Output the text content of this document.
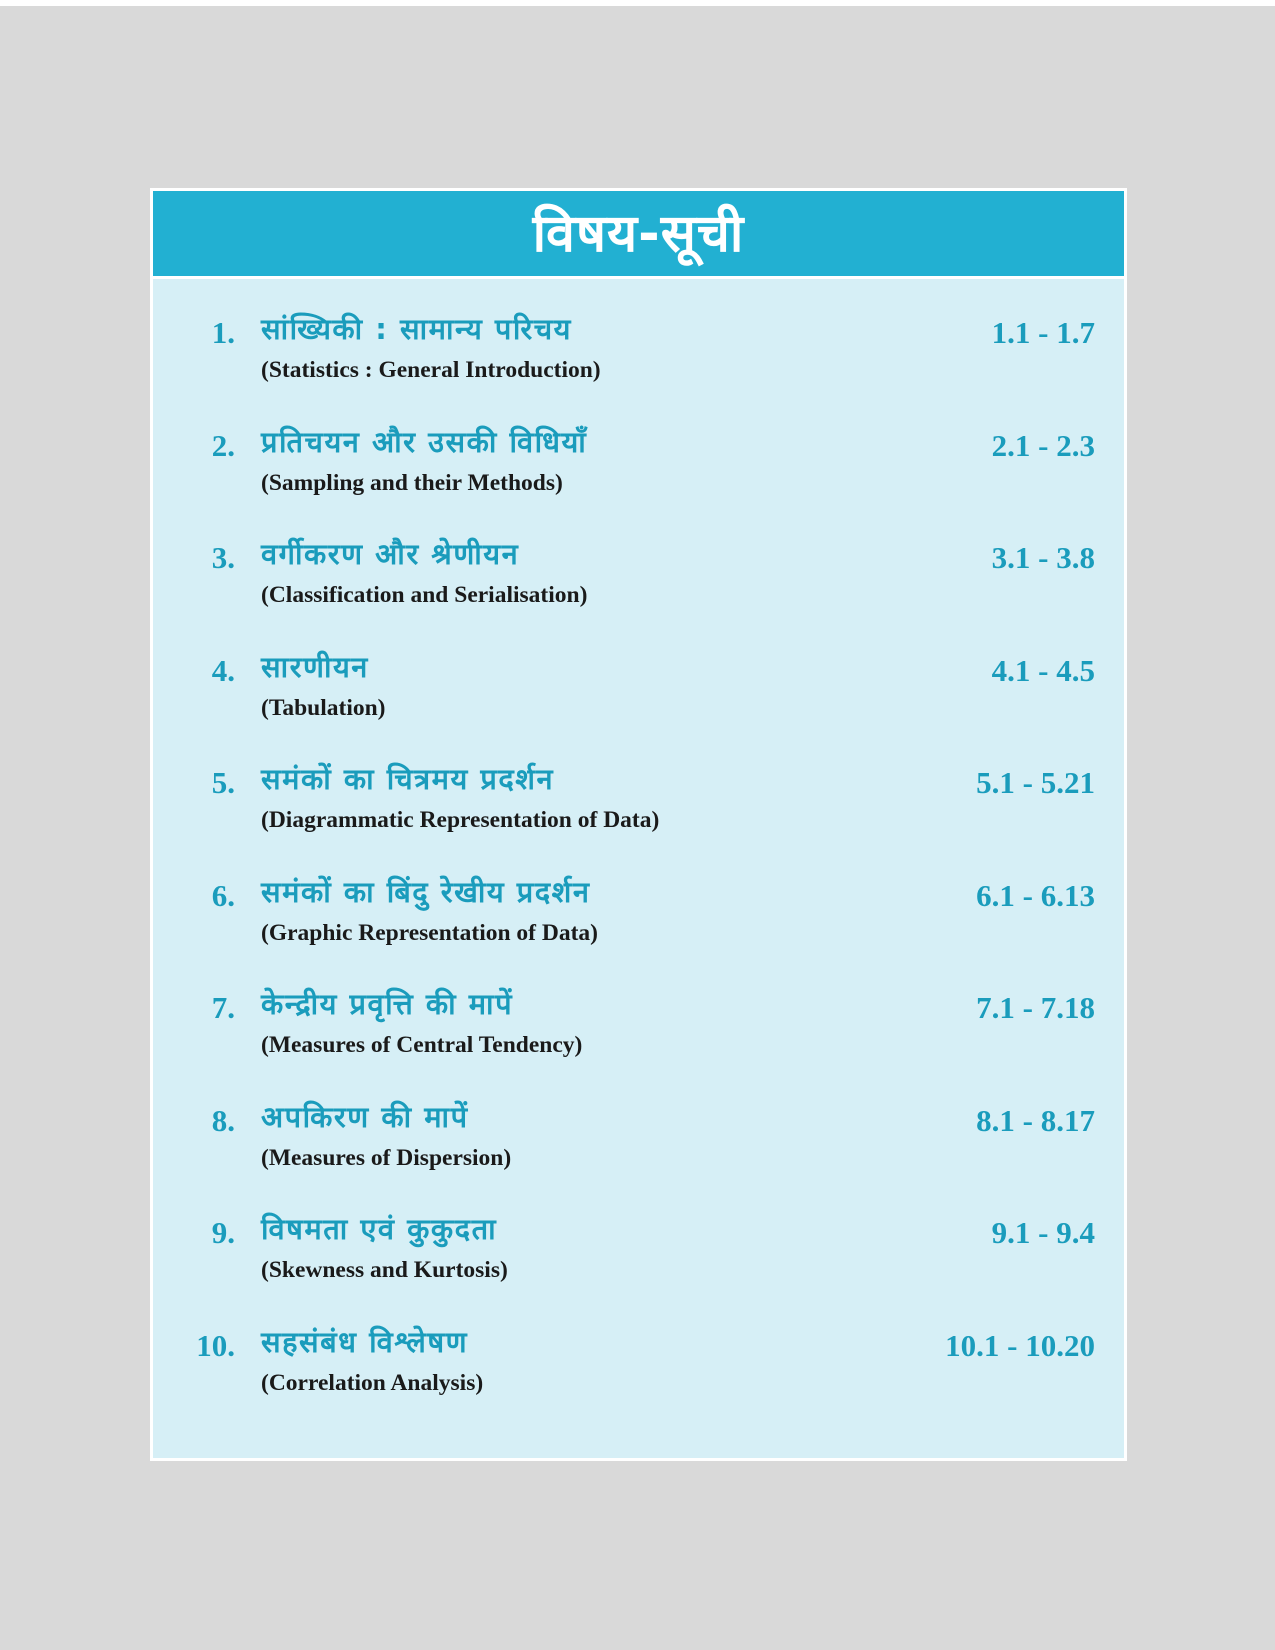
विषय-सूची
1. सांख्यिकी : सामान्य परिचय
(Statistics : General Introduction)
1.1 - 1.7
2. प्रतिचयन और उसकी विधियाँ
(Sampling and their Methods)
2.1 - 2.3
3. वर्गीकरण और श्रेणीयन
(Classification and Serialisation)
3.1 - 3.8
4. सारणीयन
(Tabulation)
4.1 - 4.5
5. समंकों का चित्रमय प्रदर्शन
(Diagrammatic Representation of Data)
5.1 - 5.21
6. समंकों का बिंदु रेखीय प्रदर्शन
(Graphic Representation of Data)
6.1 - 6.13
7. केन्द्रीय प्रवृत्ति की मापें
(Measures of Central Tendency)
7.1 - 7.18
8. अपकिरण की मापें
(Measures of Dispersion)
8.1 - 8.17
9. विषमता एवं कुकुदता
(Skewness and Kurtosis)
9.1 - 9.4
10. सहसंबंध विश्लेषण
(Correlation Analysis)
10.1 - 10.20
